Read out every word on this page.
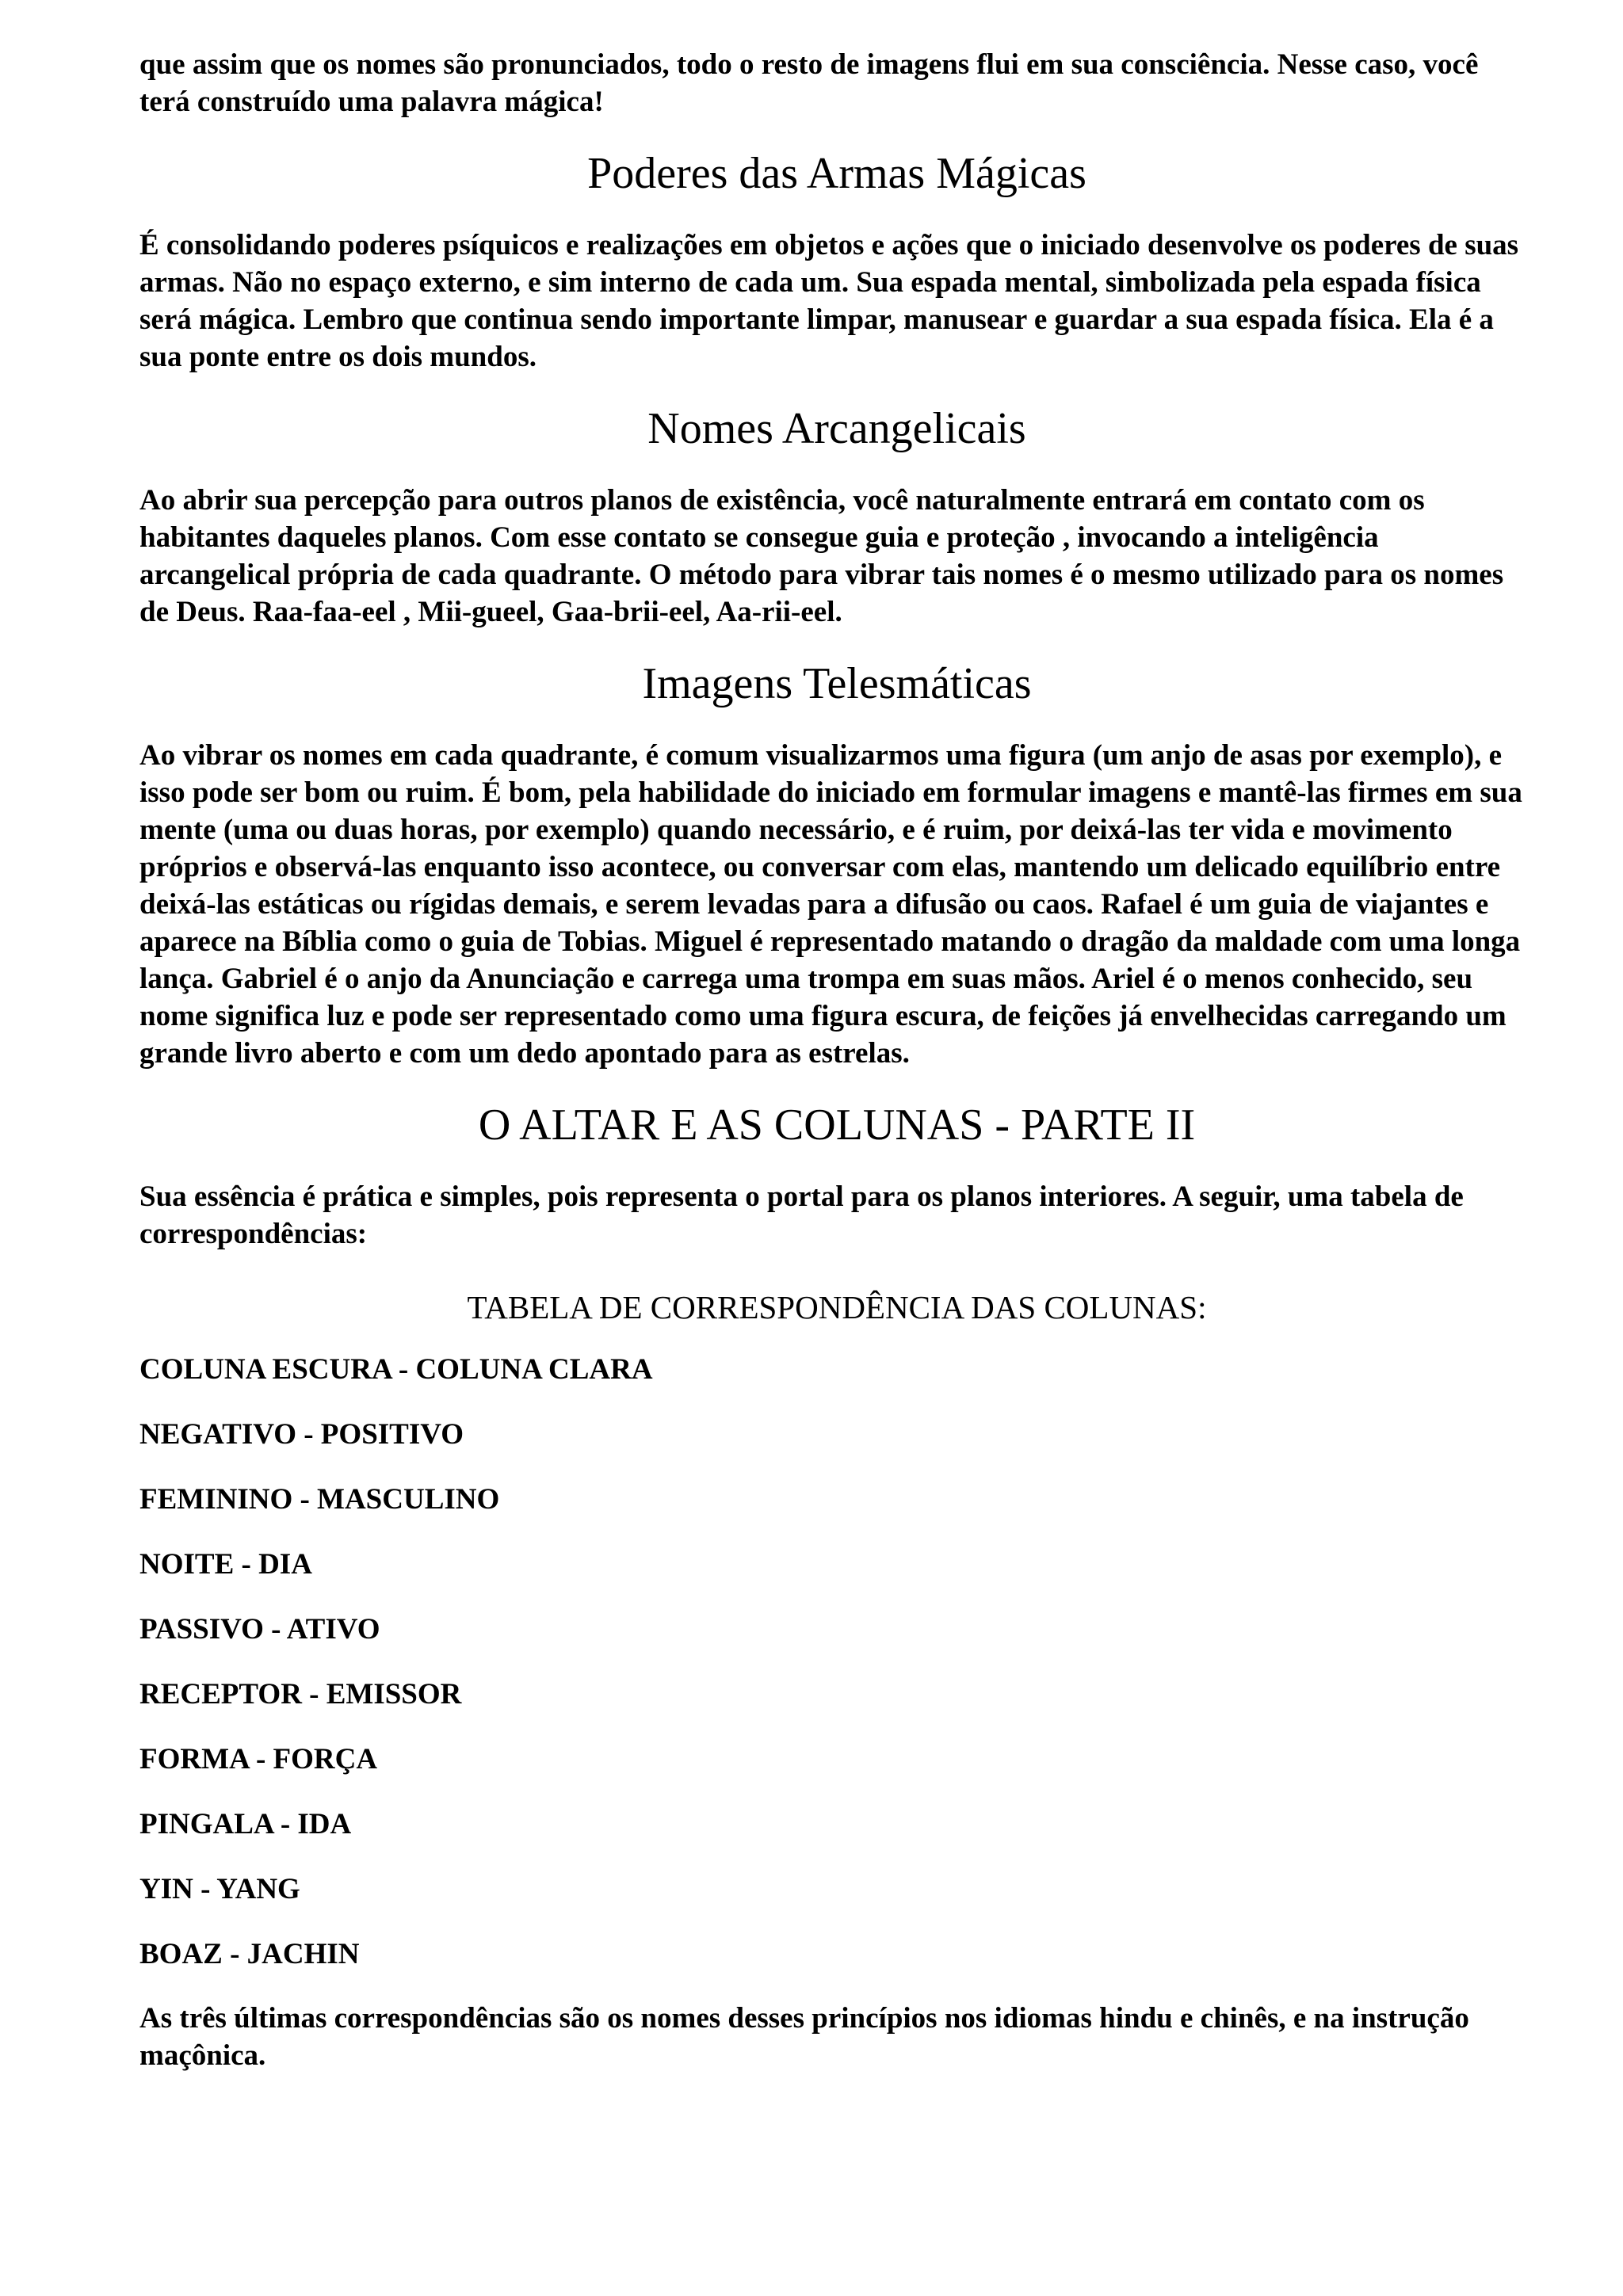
que assim que os nomes são pronunciados, todo o resto de imagens flui em sua consciência. Nesse caso, você terá construído uma palavra mágica!

Poderes das Armas Mágicas

É consolidando poderes psíquicos e realizações em objetos e ações que o iniciado desenvolve os poderes de suas armas. Não no espaço externo, e sim interno de cada um. Sua espada mental, simbolizada pela espada física será mágica. Lembro que continua sendo importante limpar, manusear e guardar a sua espada física. Ela é a sua ponte entre os dois mundos.

Nomes Arcangelicais

Ao abrir sua percepção para outros planos de existência, você naturalmente entrará em contato com os habitantes daqueles planos. Com esse contato se consegue guia e proteção , invocando a inteligência arcangelical própria de cada quadrante. O método para vibrar tais nomes é o mesmo utilizado para os nomes de Deus. Raa-faa-eel , Mii-gueel, Gaa-brii-eel, Aa-rii-eel.

Imagens Telesmáticas

Ao vibrar os nomes em cada quadrante, é comum visualizarmos uma figura (um anjo de asas por exemplo), e isso pode ser bom ou ruim. É bom, pela habilidade do iniciado em formular imagens e mantê-las firmes em sua mente (uma ou duas horas, por exemplo) quando necessário, e é ruim, por deixá-las ter vida e movimento próprios e observá-las enquanto isso acontece, ou conversar com elas, mantendo um delicado equilíbrio entre deixá-las estáticas ou rígidas demais, e serem levadas para a difusão ou caos. Rafael é um guia de viajantes e aparece na Bíblia como o guia de Tobias. Miguel é representado matando o dragão da maldade com uma longa lança. Gabriel é o anjo da Anunciação e carrega uma trompa em suas mãos. Ariel é o menos conhecido, seu nome significa luz e pode ser representado como uma figura escura, de feições já envelhecidas carregando um grande livro aberto e com um dedo apontado para as estrelas.

O ALTAR E AS COLUNAS - PARTE II

Sua essência é prática e simples, pois representa o portal para os planos interiores. A seguir, uma tabela de correspondências:

TABELA DE CORRESPONDÊNCIA DAS COLUNAS:

COLUNA ESCURA - COLUNA CLARA

NEGATIVO - POSITIVO

FEMININO - MASCULINO

NOITE - DIA

PASSIVO - ATIVO

RECEPTOR - EMISSOR

FORMA - FORÇA

PINGALA - IDA

YIN - YANG

BOAZ - JACHIN

As três últimas correspondências são os nomes desses princípios nos idiomas hindu e chinês, e na instrução maçônica.
